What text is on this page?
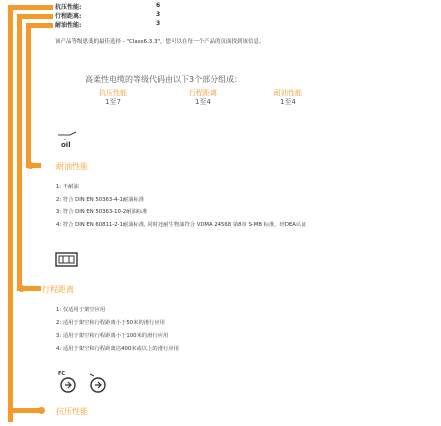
抗压性能:	6
行程距离:	3
耐油性能:	3
该产品等级恩斐的最佳选择 - "Class6.3.3"，您可以在每一个产品的页面找到该信息。
高柔性电缆的等级代码由以下3个部分组成：
抗压性能
1至7
行程距离
1至4
耐油性能
1至4
oil
耐油性能
1: 不耐油
2: 符合 DIN EN 50363-4-1耐油标准
3: 符合 DIN EN 50363-10-2耐油标准
4: 符合 DIN EN 60811-2-1耐油标准, 同时还耐生物油符合 VDMA 24568 第8章 S-MB 标准，经DEA认证
行程距离
1: 仅适用于架空应用
2: 适用于架空和行程距离小于50米的滑行应用
3: 适用于架空和行程距离小于100米的滑行应用
4: 适用于架空和行程距离达400米或以上的滑行应用
FC
抗压性能
